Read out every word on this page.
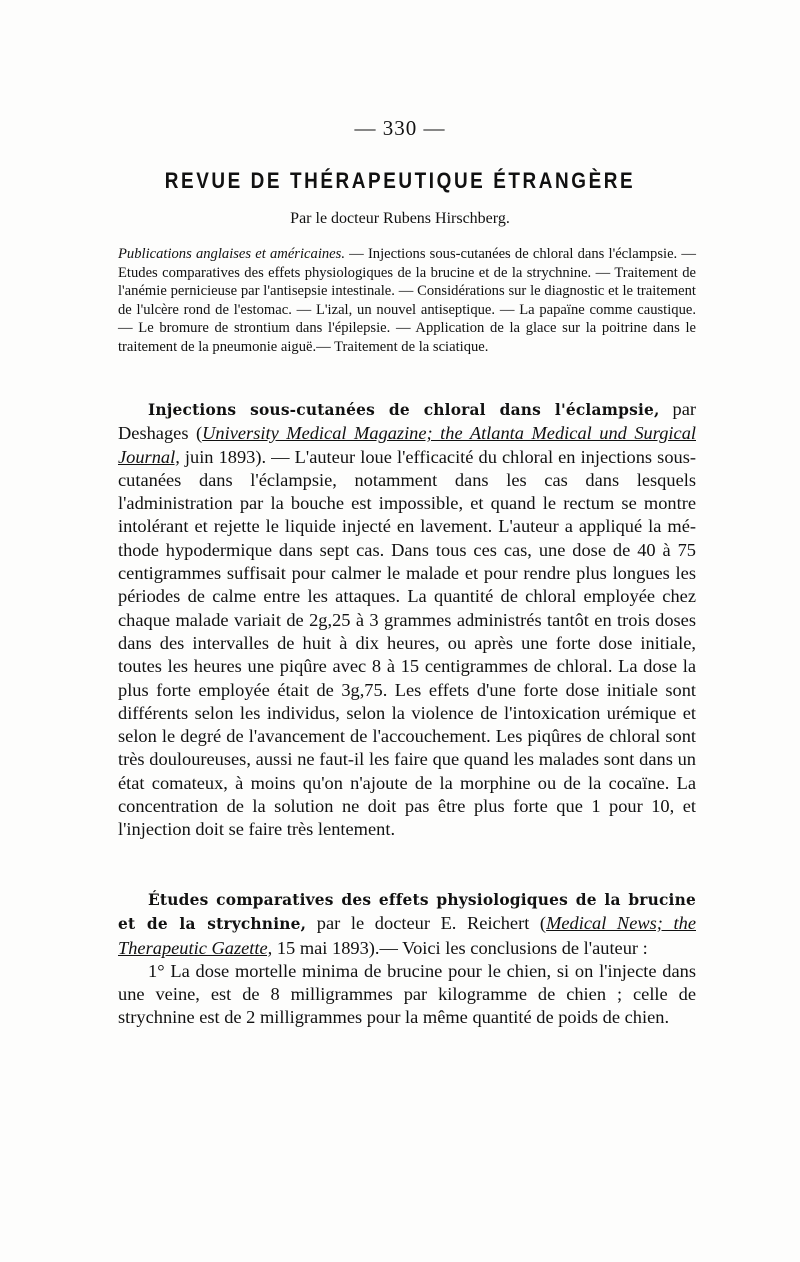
— 330 —
REVUE DE THÉRAPEUTIQUE ÉTRANGÈRE
Par le docteur Rubens Hirschberg.

Publications anglaises et américaines. — Injections sous-cutanées de chloral dans l'éclampsie. — Etudes comparatives des effets physiologiques de la brucine et de la strychnine. — Traitement de l'anémie pernicieuse par l'antisepsie intestinale. — Considérations sur le diagnostic et le traitement de l'ulcère rond de l'estomac. — L'izal, un nouvel antiseptique. — La papaïne comme caustique. — Le bromure de strontium dans l'épilepsie. — Application de la glace sur la poitrine dans le traitement de la pneumonie aiguë.— Traitement de la sciatique.

Injections sous-cutanées de chloral dans l'éclampsie, par Deshages (University Medical Magazine; the Atlanta Medical und Surgical Journal, juin 1893). — L'auteur loue l'efficacité du chloral en injections sous-cutanées dans l'éclampsie, notamment dans les cas dans lesquels l'administration par la bouche est impossible, et quand le rectum se montre intolérant et rejette le liquide injecté en lavement. L'auteur a appliqué la méthode hypodermique dans sept cas. Dans tous ces cas, une dose de 40 à 75 centigrammes suffisait pour calmer le malade et pour rendre plus longues les périodes de calme entre les attaques. La quantité de chloral employée chez chaque malade variait de 2g,25 à 3 grammes administrés tantôt en trois doses dans des intervalles de huit à dix heures, ou après une forte dose initiale, toutes les heures une piqûre avec 8 à 15 centigrammes de chloral. La dose la plus forte employée était de 3g,75. Les effets d'une forte dose initiale sont différents selon les individus, selon la violence de l'intoxication urémique et selon le degré de l'avancement de l'accouchement. Les piqûres de chloral sont très douloureuses, aussi ne faut-il les faire que quand les malades sont dans un état comateux, à moins qu'on n'ajoute de la morphine ou de la cocaïne. La concentration de la solution ne doit pas être plus forte que 1 pour 10, et l'injection doit se faire très lentement.

Études comparatives des effets physiologiques de la brucine et de la strychnine, par le docteur E. Reichert (Medical News; the Therapeutic Gazette, 15 mai 1893).— Voici les conclusions de l'auteur :

1° La dose mortelle minima de brucine pour le chien, si on l'injecte dans une veine, est de 8 milligrammes par kilogramme de chien ; celle de strychnine est de 2 milligrammes pour la même quantité de poids de chien.
